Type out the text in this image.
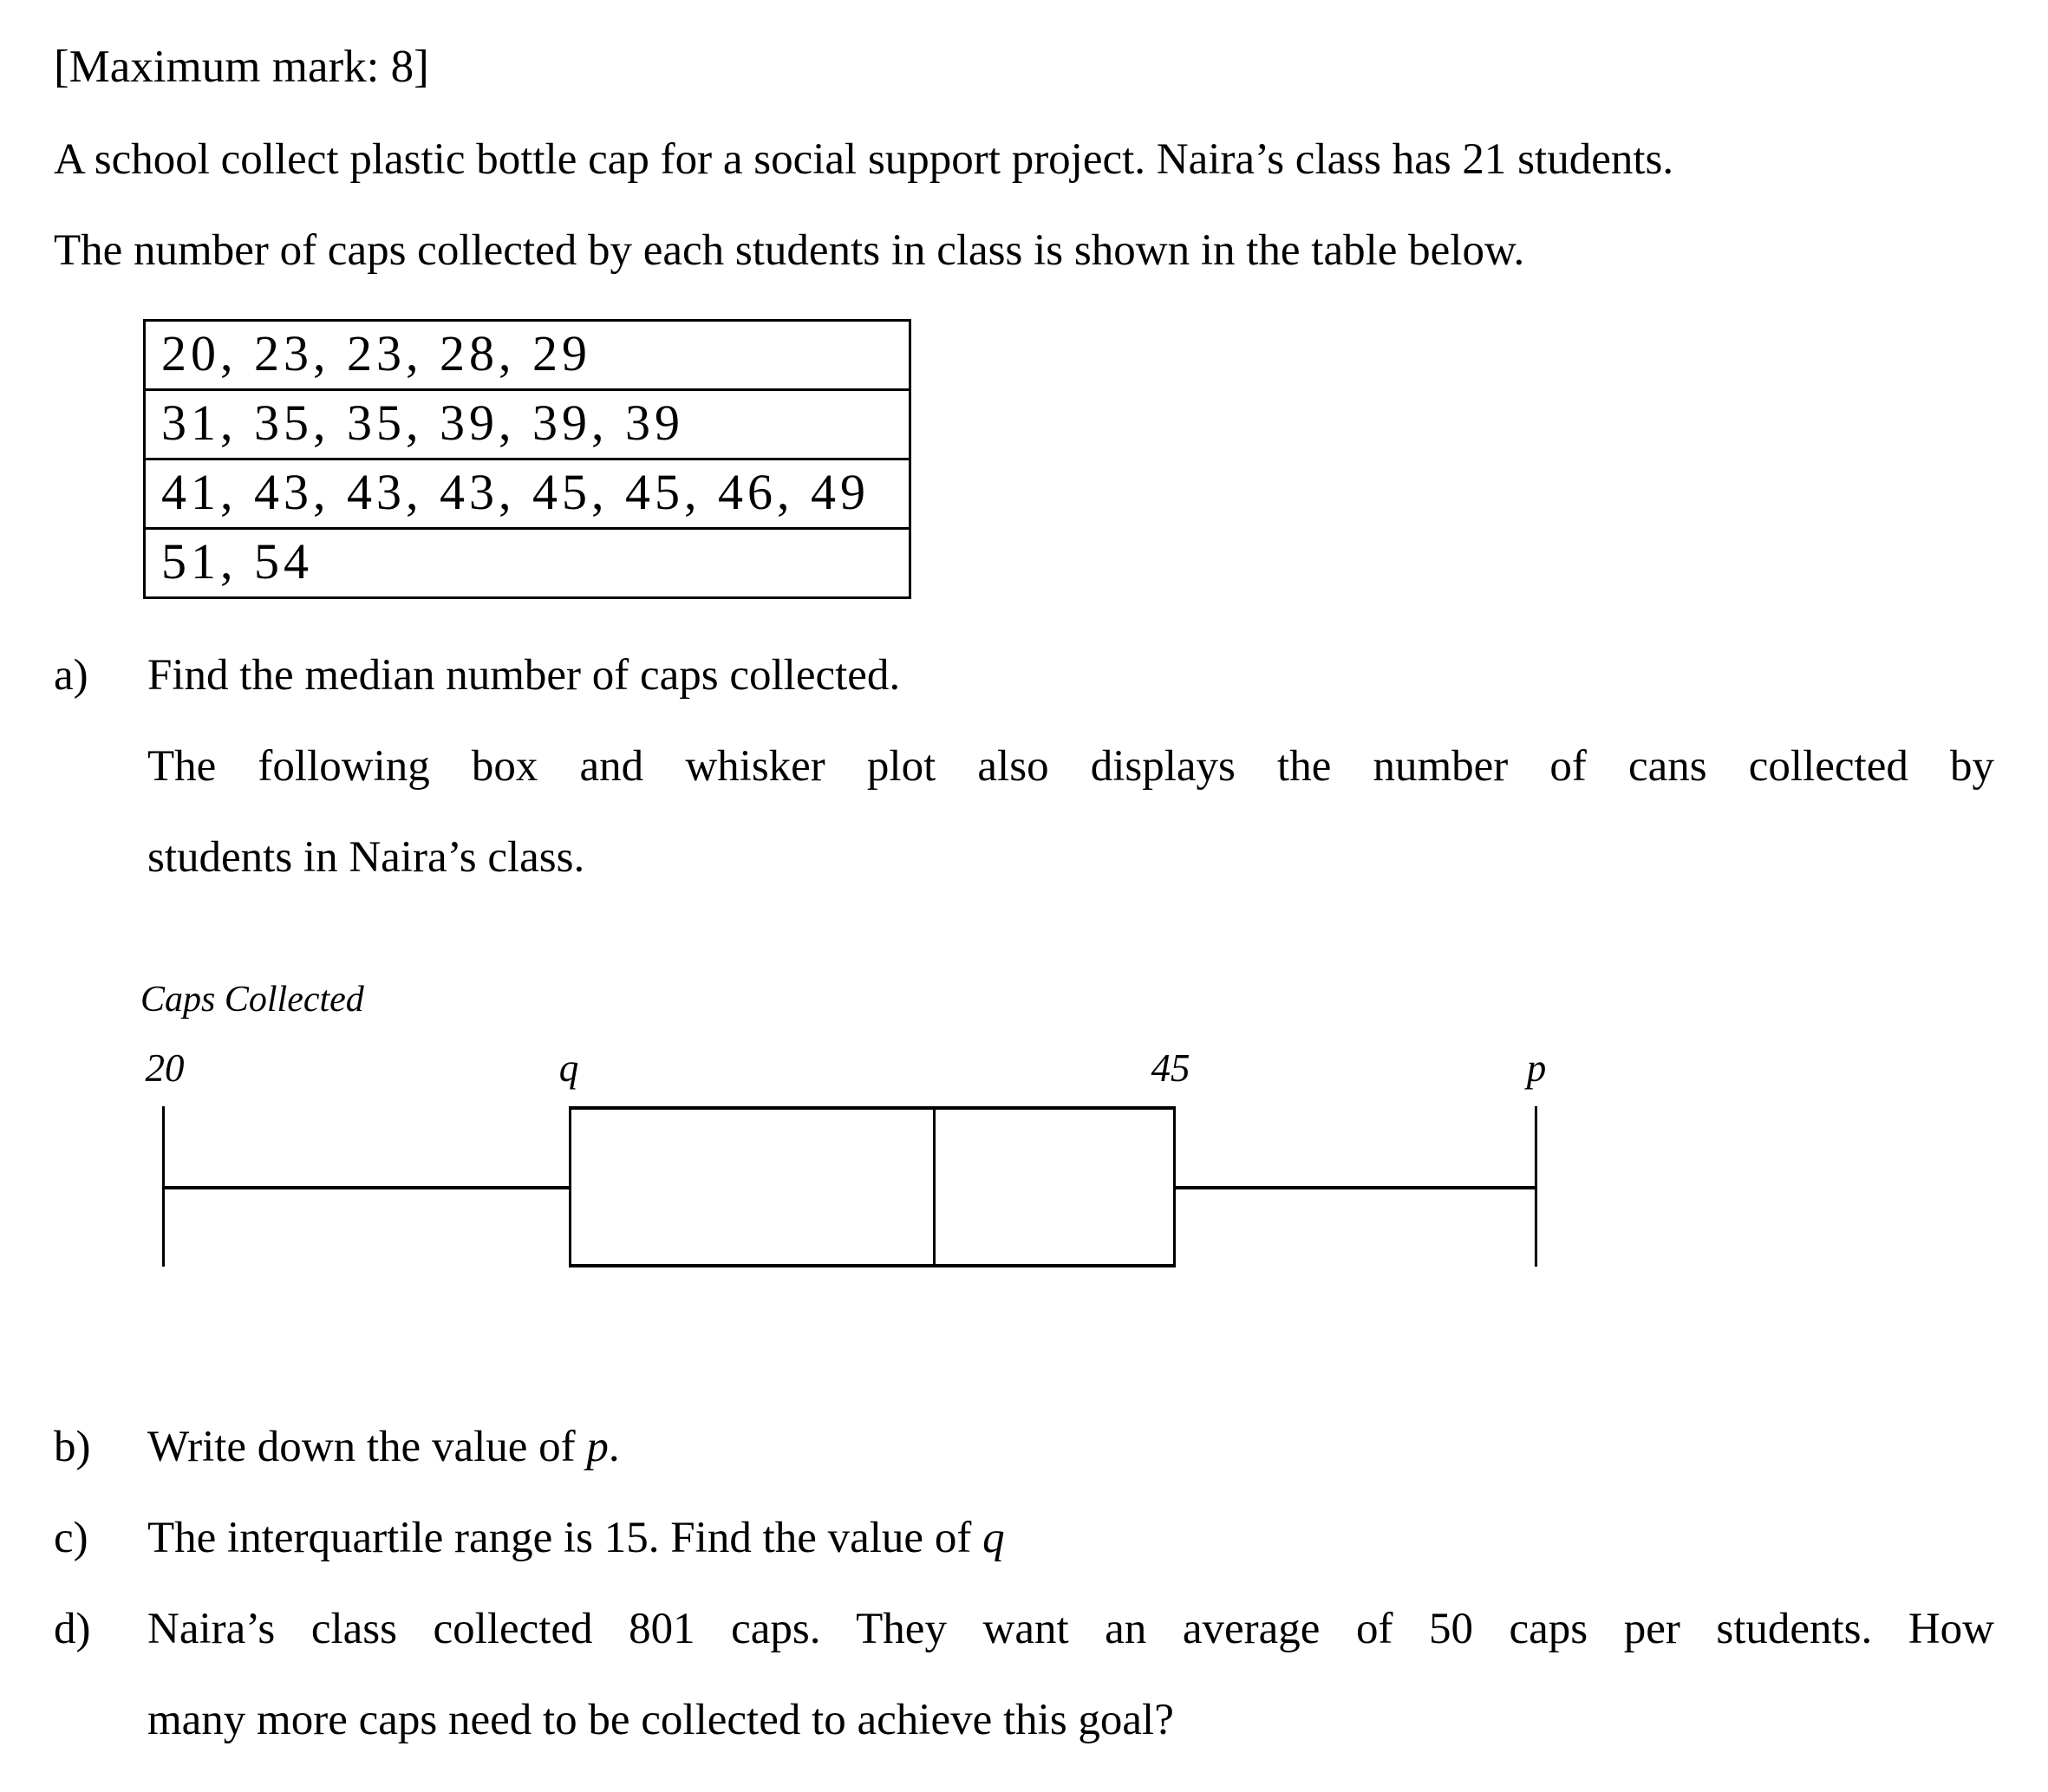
[Maximum mark: 8]
A school collect plastic bottle cap for a social support project. Naira’s class has 21 students.
The number of caps collected by each students in class is shown in the table below.
20, 23, 23, 28, 29
31, 35, 35, 39, 39, 39
41, 43, 43, 43, 45, 45, 46, 49
51, 54
a)	Find the median number of caps collected.
The following box and whisker plot also displays the number of cans collected by
students in Naira’s class.
Caps Collected
20	q	45	p
b)	Write down the value of p.
c)	The interquartile range is 15. Find the value of q
d)	Naira’s class collected 801 caps. They want an average of 50 caps per students. How
many more caps need to be collected to achieve this goal?
